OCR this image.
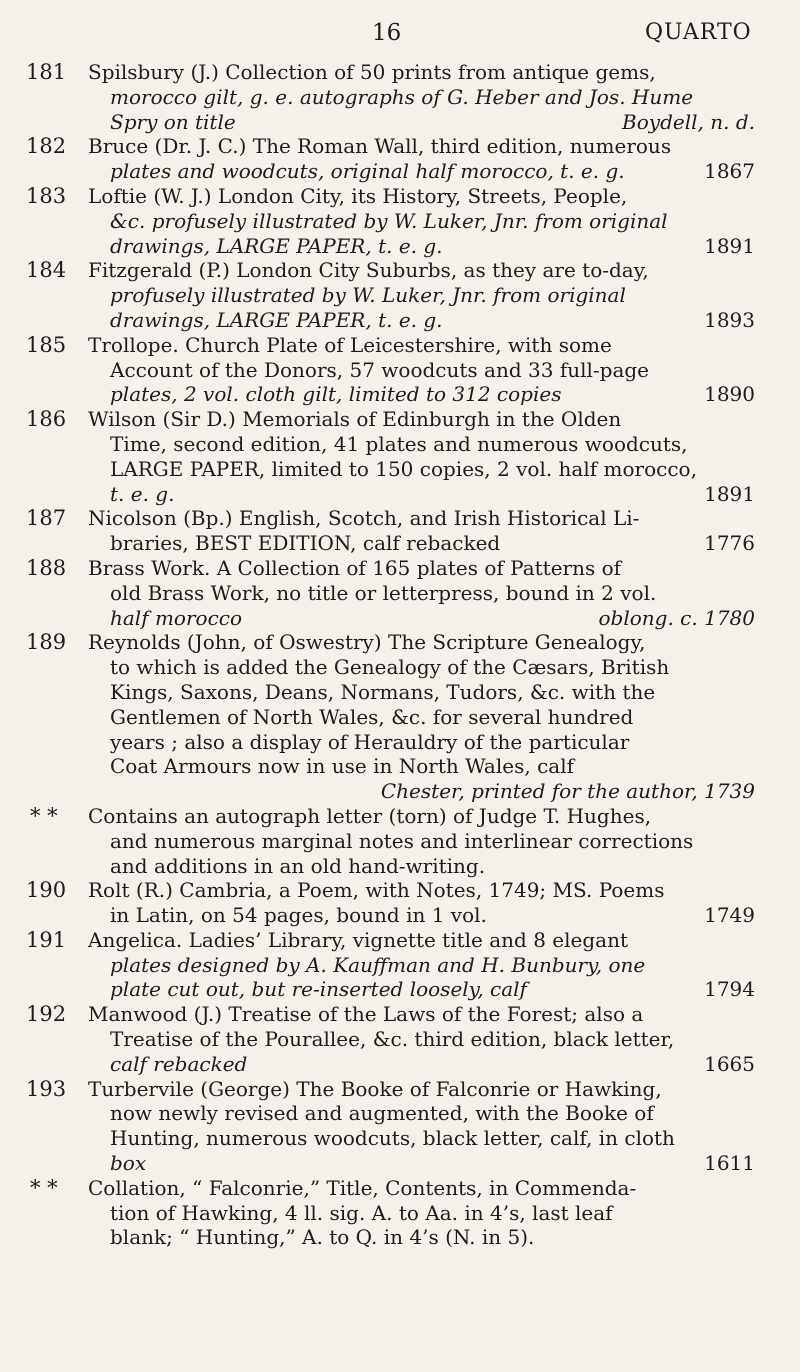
16	QUARTO
181 Spilsbury (J.) Collection of 50 prints from antique gems,
morocco gilt, g. e. autographs of G. Heber and Jos. Hume
Spry on title	Boydell, n. d.
182 Bruce (Dr. J. C.) The Roman Wall, third edition, numerous
plates and woodcuts, original half morocco, t. e. g.	1867
183 Loftie (W. J.) London City, its History, Streets, People,
&c. profusely illustrated by W. Luker, Jnr. from original
drawings, LARGE PAPER, t. e. g.	1891
184 Fitzgerald (P.) London City Suburbs, as they are to-day,
profusely illustrated by W. Luker, Jnr. from original
drawings, LARGE PAPER, t. e. g.	1893
185 Trollope. Church Plate of Leicestershire, with some
Account of the Donors, 57 woodcuts and 33 full-page
plates, 2 vol. cloth gilt, limited to 312 copies	1890
186 Wilson (Sir D.) Memorials of Edinburgh in the Olden
Time, second edition, 41 plates and numerous woodcuts,
LARGE PAPER, limited to 150 copies, 2 vol. half morocco,
t. e. g.	1891
187 Nicolson (Bp.) English, Scotch, and Irish Historical Li-
braries, BEST EDITION, calf rebacked	1776
188 Brass Work. A Collection of 165 plates of Patterns of
old Brass Work, no title or letterpress, bound in 2 vol.
half morocco	oblong. c. 1780
189 Reynolds (John, of Oswestry) The Scripture Genealogy,
to which is added the Genealogy of the Cæsars, British
Kings, Saxons, Deans, Normans, Tudors, &c. with the
Gentlemen of North Wales, &c. for several hundred
years ; also a display of Herauldry of the particular
Coat Armours now in use in North Wales, calf
Chester, printed for the author, 1739
* * Contains an autograph letter (torn) of Judge T. Hughes,
and numerous marginal notes and interlinear corrections
and additions in an old hand-writing.
190 Rolt (R.) Cambria, a Poem, with Notes, 1749; MS. Poems
in Latin, on 54 pages, bound in 1 vol.	1749
191 Angelica. Ladies’ Library, vignette title and 8 elegant
plates designed by A. Kauffman and H. Bunbury, one
plate cut out, but re-inserted loosely, calf	1794
192 Manwood (J.) Treatise of the Laws of the Forest; also a
Treatise of the Pourallee, &c. third edition, black letter,
calf rebacked	1665
193 Turbervile (George) The Booke of Falconrie or Hawking,
now newly revised and augmented, with the Booke of
Hunting, numerous woodcuts, black letter, calf, in cloth
box	1611
* * Collation, “ Falconrie,” Title, Contents, in Commenda-
tion of Hawking, 4 ll. sig. A. to Aa. in 4’s, last leaf
blank; “ Hunting,” A. to Q. in 4’s (N. in 5).
